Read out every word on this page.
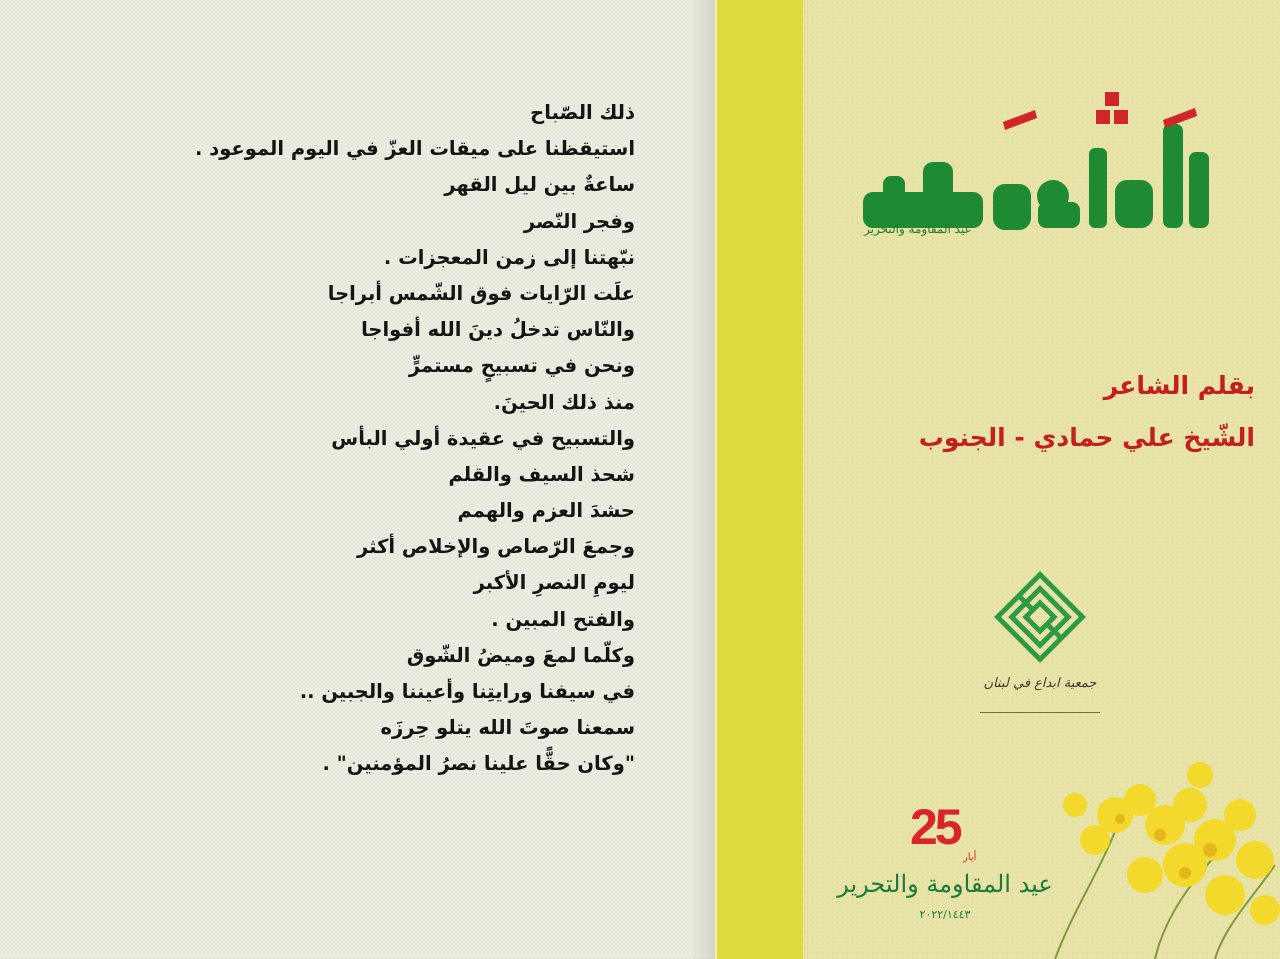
ذلك الصّباح
استيقظنا على ميقات العزّ في اليوم الموعود .
ساعةٌ بين ليل القهر
وفجر النّصر
نبّهتنا إلى زمن المعجزات .
علَت الرّايات فوق الشّمس أبراجا
والنّاس تدخلُ دينَ الله أفواجا
ونحن في تسبيحٍ مستمرٍّ
منذ ذلك الحينَ.
والتسبيح في عقيدة أولي البأس
شحذ السيف والقلم
حشدَ العزم والهمم
وجمعَ الرّصاص والإخلاص أكثر
ليومِ النصرِ الأكبر
والفتح المبين .
وكلّما لمعَ وميضُ الشّوق
في سيفنا ورايتِنا وأعيننا والجبين ..
سمعنا صوتَ الله يتلو حِرزَه
"وكان حقًّا علينا نصرُ المؤمنين" .
عيد المقاومة والتحرير
بقلم الشاعر
الشّيخ علي حمادي - الجنوب
جمعية ابداع في لبنان
25
أيار
عيد المقاومة والتحرير
٢٠٢٢/١٤٤٣
